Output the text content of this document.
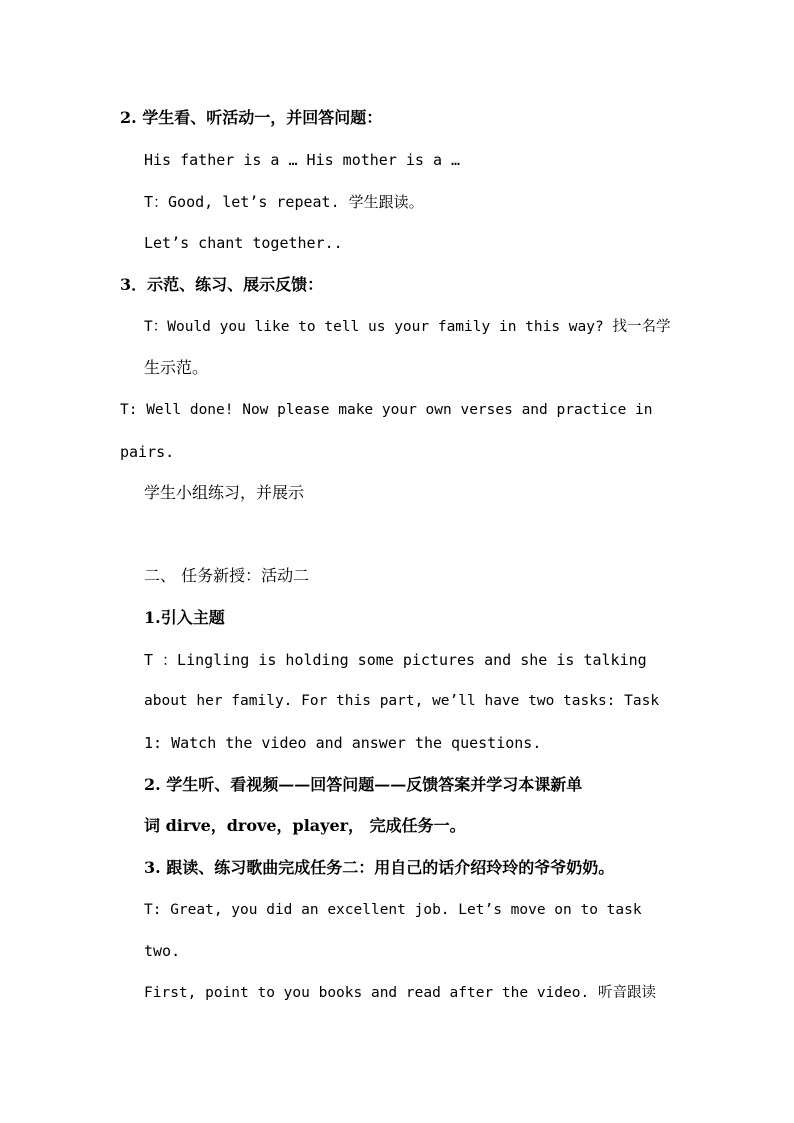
2. 学生看、听活动一，并回答问题：
His father is a … His mother is a …
T：Good, let’s repeat. 学生跟读。
Let’s chant together..
3．示范、练习、展示反馈：
T：Would you like to tell us your family in this way? 找一名学
生示范。
T: Well done! Now please make your own verses and practice in
pairs.
学生小组练习，并展示
二、 任务新授：活动二
1.引入主题
T ：Lingling is holding some pictures and she is talking
about her family. For this part, we’ll have two tasks: Task
1: Watch the video and answer the questions.
2. 学生听、看视频——回答问题——反馈答案并学习本课新单
词 dirve，drove，player， 完成任务一。
3. 跟读、练习歌曲完成任务二：用自己的话介绍玲玲的爷爷奶奶。
T: Great, you did an excellent job. Let’s move on to task
two.
First, point to you books and read after the video. 听音跟读
